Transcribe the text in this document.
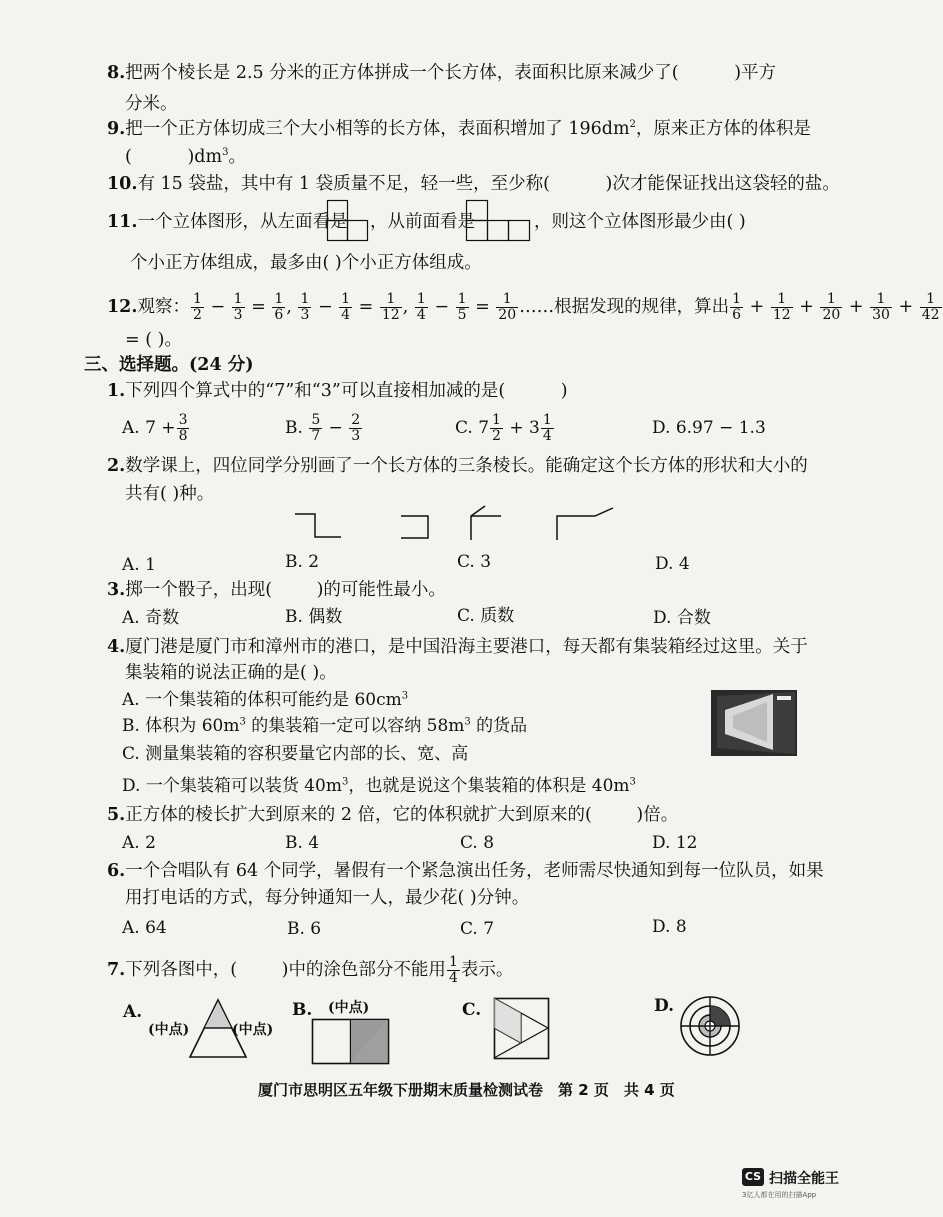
8.把两个棱长是 2.5 分米的正方体拼成一个长方体，表面积比原来减少了(	)平方
分米。
9.把一个正方体切成三个大小相等的长方体，表面积增加了 $196dm^2$，原来正方体的体积是
(          )$dm^3$。
10.有 15 袋盐，其中有 1 袋质量不足，轻一些，至少称(          )次才能保证找出这袋轻的盐。
11.一个立体图形，从左面看是 ，从前面看是	，则这个立体图形最少由( )
个小正方体组成，最多由( )个小正方体组成。
12.观察： $\frac{1}{2} - \frac{1}{3} = \frac{1}{6}$ , $\frac{1}{3} - \frac{1}{4} = \frac{1}{12}$ , $\frac{1}{4} - \frac{1}{5} = \frac{1}{20}$ ……根据发现的规律，算出 $\frac{1}{6} + \frac{1}{12} + \frac{1}{20} + \frac{1}{30} + \frac{1}{42}$
= ( )。
三、选择题。(24 分)
1.下列四个算式中的“7”和“3”可以直接相加减的是(          )
A. $7 + \frac{3}{8}$	B. $\frac{5}{7} - \frac{2}{3}$	C. $7 \frac{1}{2} + 3 \frac{1}{4}$	D. 6.97 − 1.3
2.数学课上，四位同学分别画了一个长方体的三条棱长。能确定这个长方体的形状和大小的
共有( )种。
A. 1	B. 2	C. 3	D. 4
3.掷一个骰子，出现(        )的可能性最小。
A. 奇数	B. 偶数	C. 质数	D. 合数
4.厦门港是厦门市和漳州市的港口，是中国沿海主要港口，每天都有集装箱经过这里。关于
集装箱的说法正确的是( )。
A. 一个集装箱的体积可能约是 $60cm^3$
B. 体积为 $60m^3$ 的集装箱一定可以容纳 $58m^3$ 的货品
C. 测量集装箱的容积要量它内部的长、宽、高
D. 一个集装箱可以装货 $40m^3$，也就是说这个集装箱的体积是 $40m^3$
5.正方体的棱长扩大到原来的 2 倍，它的体积就扩大到原来的(        )倍。
A. 2	B. 4	C. 8	D. 12
6.一个合唱队有 64 个同学，暑假有一个紧急演出任务，老师需尽快通知到每一位队员，如果
用打电话的方式，每分钟通知一人，最少花( )分钟。
A. 64	B. 6	C. 7	D. 8
7.下列各图中，(        )中的涂色部分不能用 $\frac{1}{4}$ 表示。
A.
(中点)	(中点)
B. (中点)	C.	D.
厦门市思明区五年级下册期末质量检测试卷　第 2 页　共 4 页
CS 扫描全能王
3亿人都在用的扫描App
